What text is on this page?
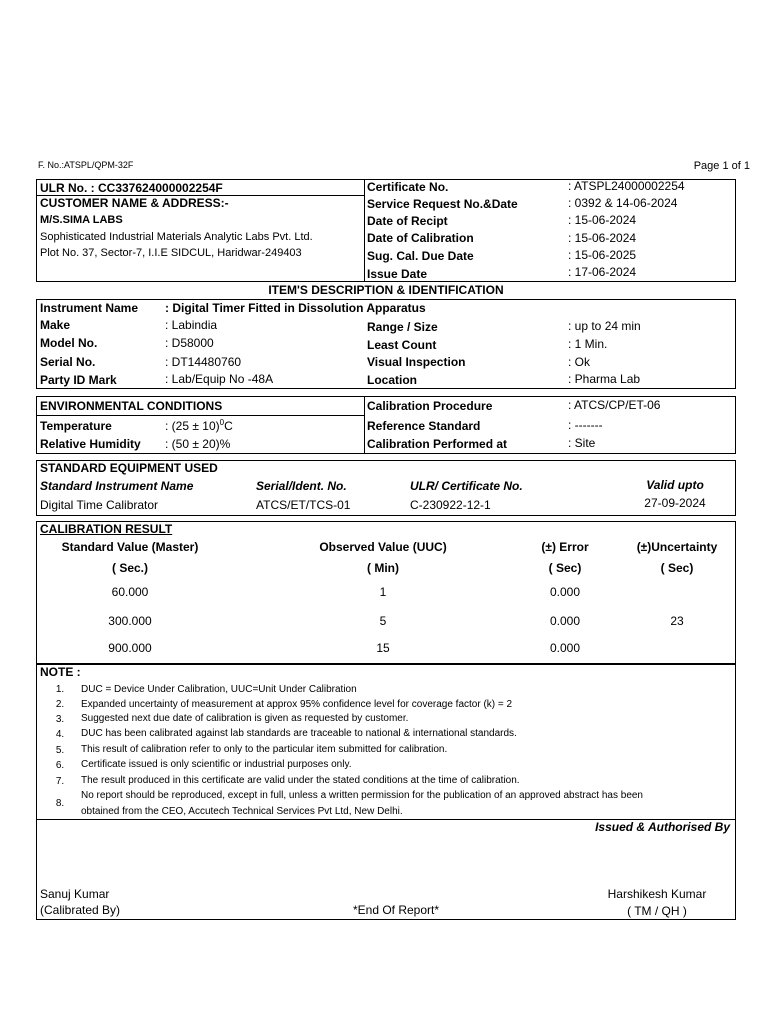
F. No.:ATSPL/QPM-32F	Page 1 of 1
ULR No. : CC337624000002254F
CUSTOMER NAME & ADDRESS:-
M/S.SIMA LABS
Sophisticated Industrial Materials Analytic Labs Pvt. Ltd.
Plot No. 37, Sector-7, I.I.E SIDCUL, Haridwar-249403
Certificate No.	: ATSPL24000002254
Service Request No.&Date	: 0392 & 14-06-2024
Date of Recipt	: 15-06-2024
Date of Calibration	: 15-06-2024
Sug. Cal. Due Date	: 15-06-2025
Issue Date	: 17-06-2024
ITEM'S DESCRIPTION & IDENTIFICATION
Instrument Name : Digital Timer Fitted in Dissolution Apparatus
Make	: Labindia
Model No.	: D58000
Serial No.	: DT14480760
Party ID Mark	: Lab/Equip No -48A
Range / Size	: up to 24 min
Least Count	: 1 Min.
Visual Inspection	: Ok
Location	: Pharma Lab
ENVIRONMENTAL CONDITIONS
Temperature	: $(25 \pm 10)^0C$
Relative Humidity : (50 ± 20)%
Calibration Procedure	: ATCS/CP/ET-06
Reference Standard	: -------
Calibration Performed at	: Site
STANDARD EQUIPMENT USED
Standard Instrument Name	Serial/Ident. No.	ULR/ Certificate No.	Valid upto
Digital Time Calibrator	ATCS/ET/TCS-01	C-230922-12-1	27-09-2024
CALIBRATION RESULT
Standard Value (Master)	Observed Value (UUC)	(±) Error	(±)Uncertainty
( Sec.)	( Min)	( Sec)	( Sec)
60.000	1	0.000
300.000	5	0.000	23
900.000	15	0.000
NOTE :
1. DUC = Device Under Calibration, UUC=Unit Under Calibration
2. Expanded uncertainty of measurement at approx 95% confidence level for coverage factor (k) = 2
3. Suggested next due date of calibration is given as requested by customer.
4. DUC has been calibrated against lab standards are traceable to national & international standards.
5. This result of calibration refer to only to the particular item submitted for calibration.
6. Certificate issued is only scientific or industrial purposes only.
7. The result produced in this certificate are valid under the stated conditions at the time of calibration.
8.
No report should be reproduced, except in full, unless a written permission for the publication of an approved abstract has been
obtained from the CEO, Accutech Technical Services Pvt Ltd, New Delhi.
Issued & Authorised By
Sanuj Kumar
(Calibrated By)	*End Of Report*
Harshikesh Kumar
( TM / QH )
